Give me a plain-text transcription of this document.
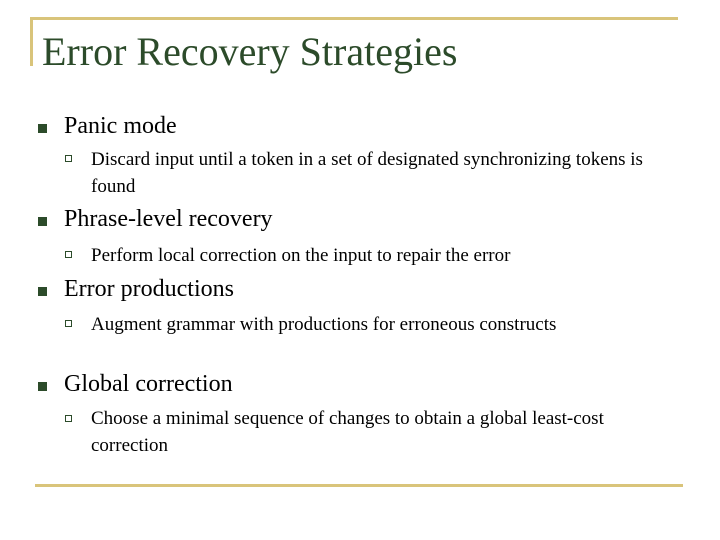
Error Recovery Strategies
Panic mode
Discard input until a token in a set of designated synchronizing tokens is found
Phrase-level recovery
Perform local correction on the input to repair the error
Error productions
Augment grammar with productions for erroneous constructs
Global correction
Choose a minimal sequence of changes to obtain a global least-cost correction
